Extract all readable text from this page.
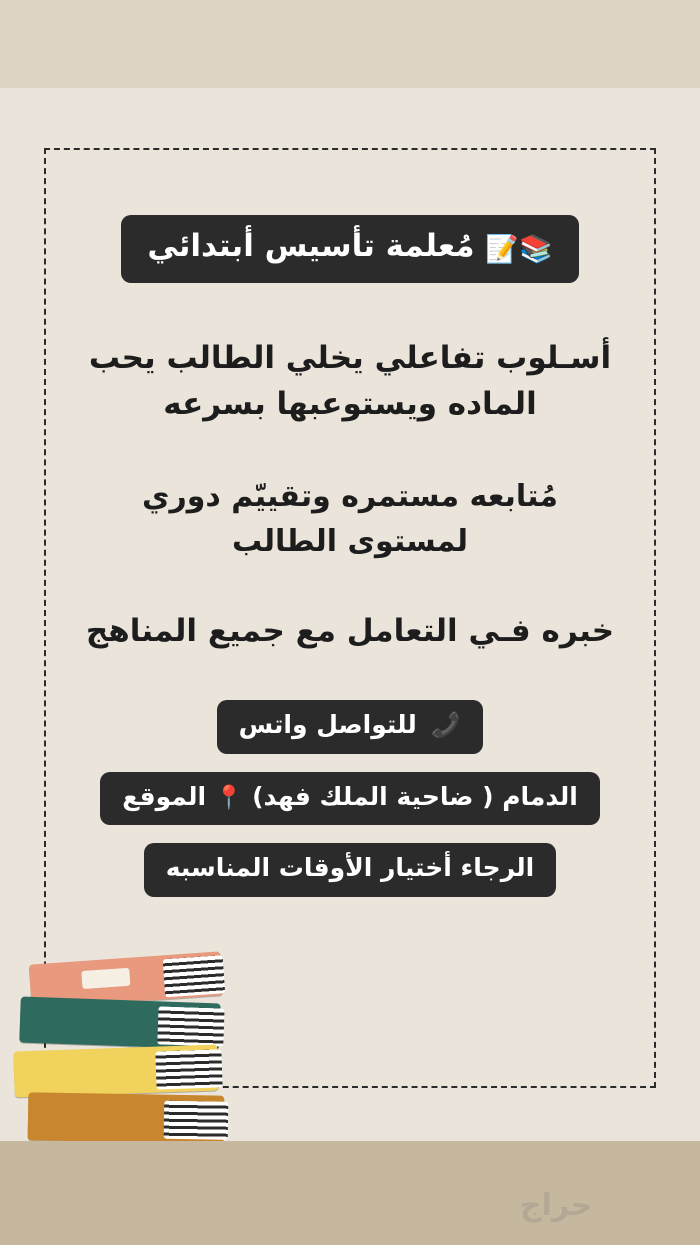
📚📝 مُعلمة تأسيس أبتدائي

أسـلوب تفاعلي يخلي الطالب يحب الماده ويستوعبها بسرعه

مُتابعه مستمره وتقييّم دوري لمستوى الطالب

خبره فـي التعامل مع جميع المناهج

📞 للتواصل واتس
الدمام ( ضاحية الملك فهد) 📍 الموقع
الرجاء أختيار الأوقات المناسبه
حراج
